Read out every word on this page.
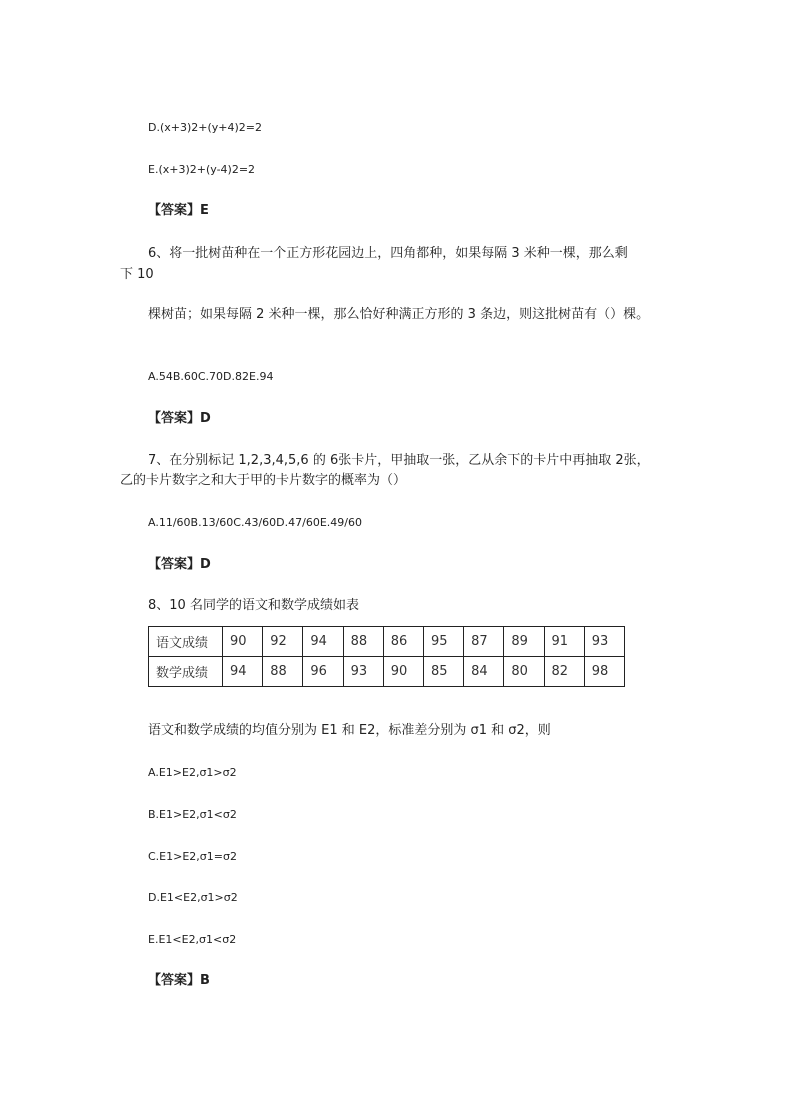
D.(x+3)2+(y+4)2=2
E.(x+3)2+(y-4)2=2
【答案】E
6、将一批树苗种在一个正方形花园边上，四角都种，如果每隔 3 米种一棵，那么剩
下 10
棵树苗；如果每隔 2 米种一棵，那么恰好种满正方形的 3 条边，则这批树苗有（）棵。
A.54B.60C.70D.82E.94
【答案】D
7、在分别标记 1,2,3,4,5,6 的 6张卡片，甲抽取一张，乙从余下的卡片中再抽取 2张，
乙的卡片数字之和大于甲的卡片数字的概率为（）
A.11/60B.13/60C.43/60D.47/60E.49/60
【答案】D
8、10 名同学的语文和数学成绩如表
语文成绩	90	92	94	88	86	95	87	89	91	93
数学成绩	94	88	96	93	90	85	84	80	82	98
语文和数学成绩的均值分别为 E1 和 E2，标准差分别为 σ1 和 σ2，则
A.E1>E2,σ1>σ2
B.E1>E2,σ1<σ2
C.E1>E2,σ1=σ2
D.E1<E2,σ1>σ2
E.E1<E2,σ1<σ2
【答案】B
